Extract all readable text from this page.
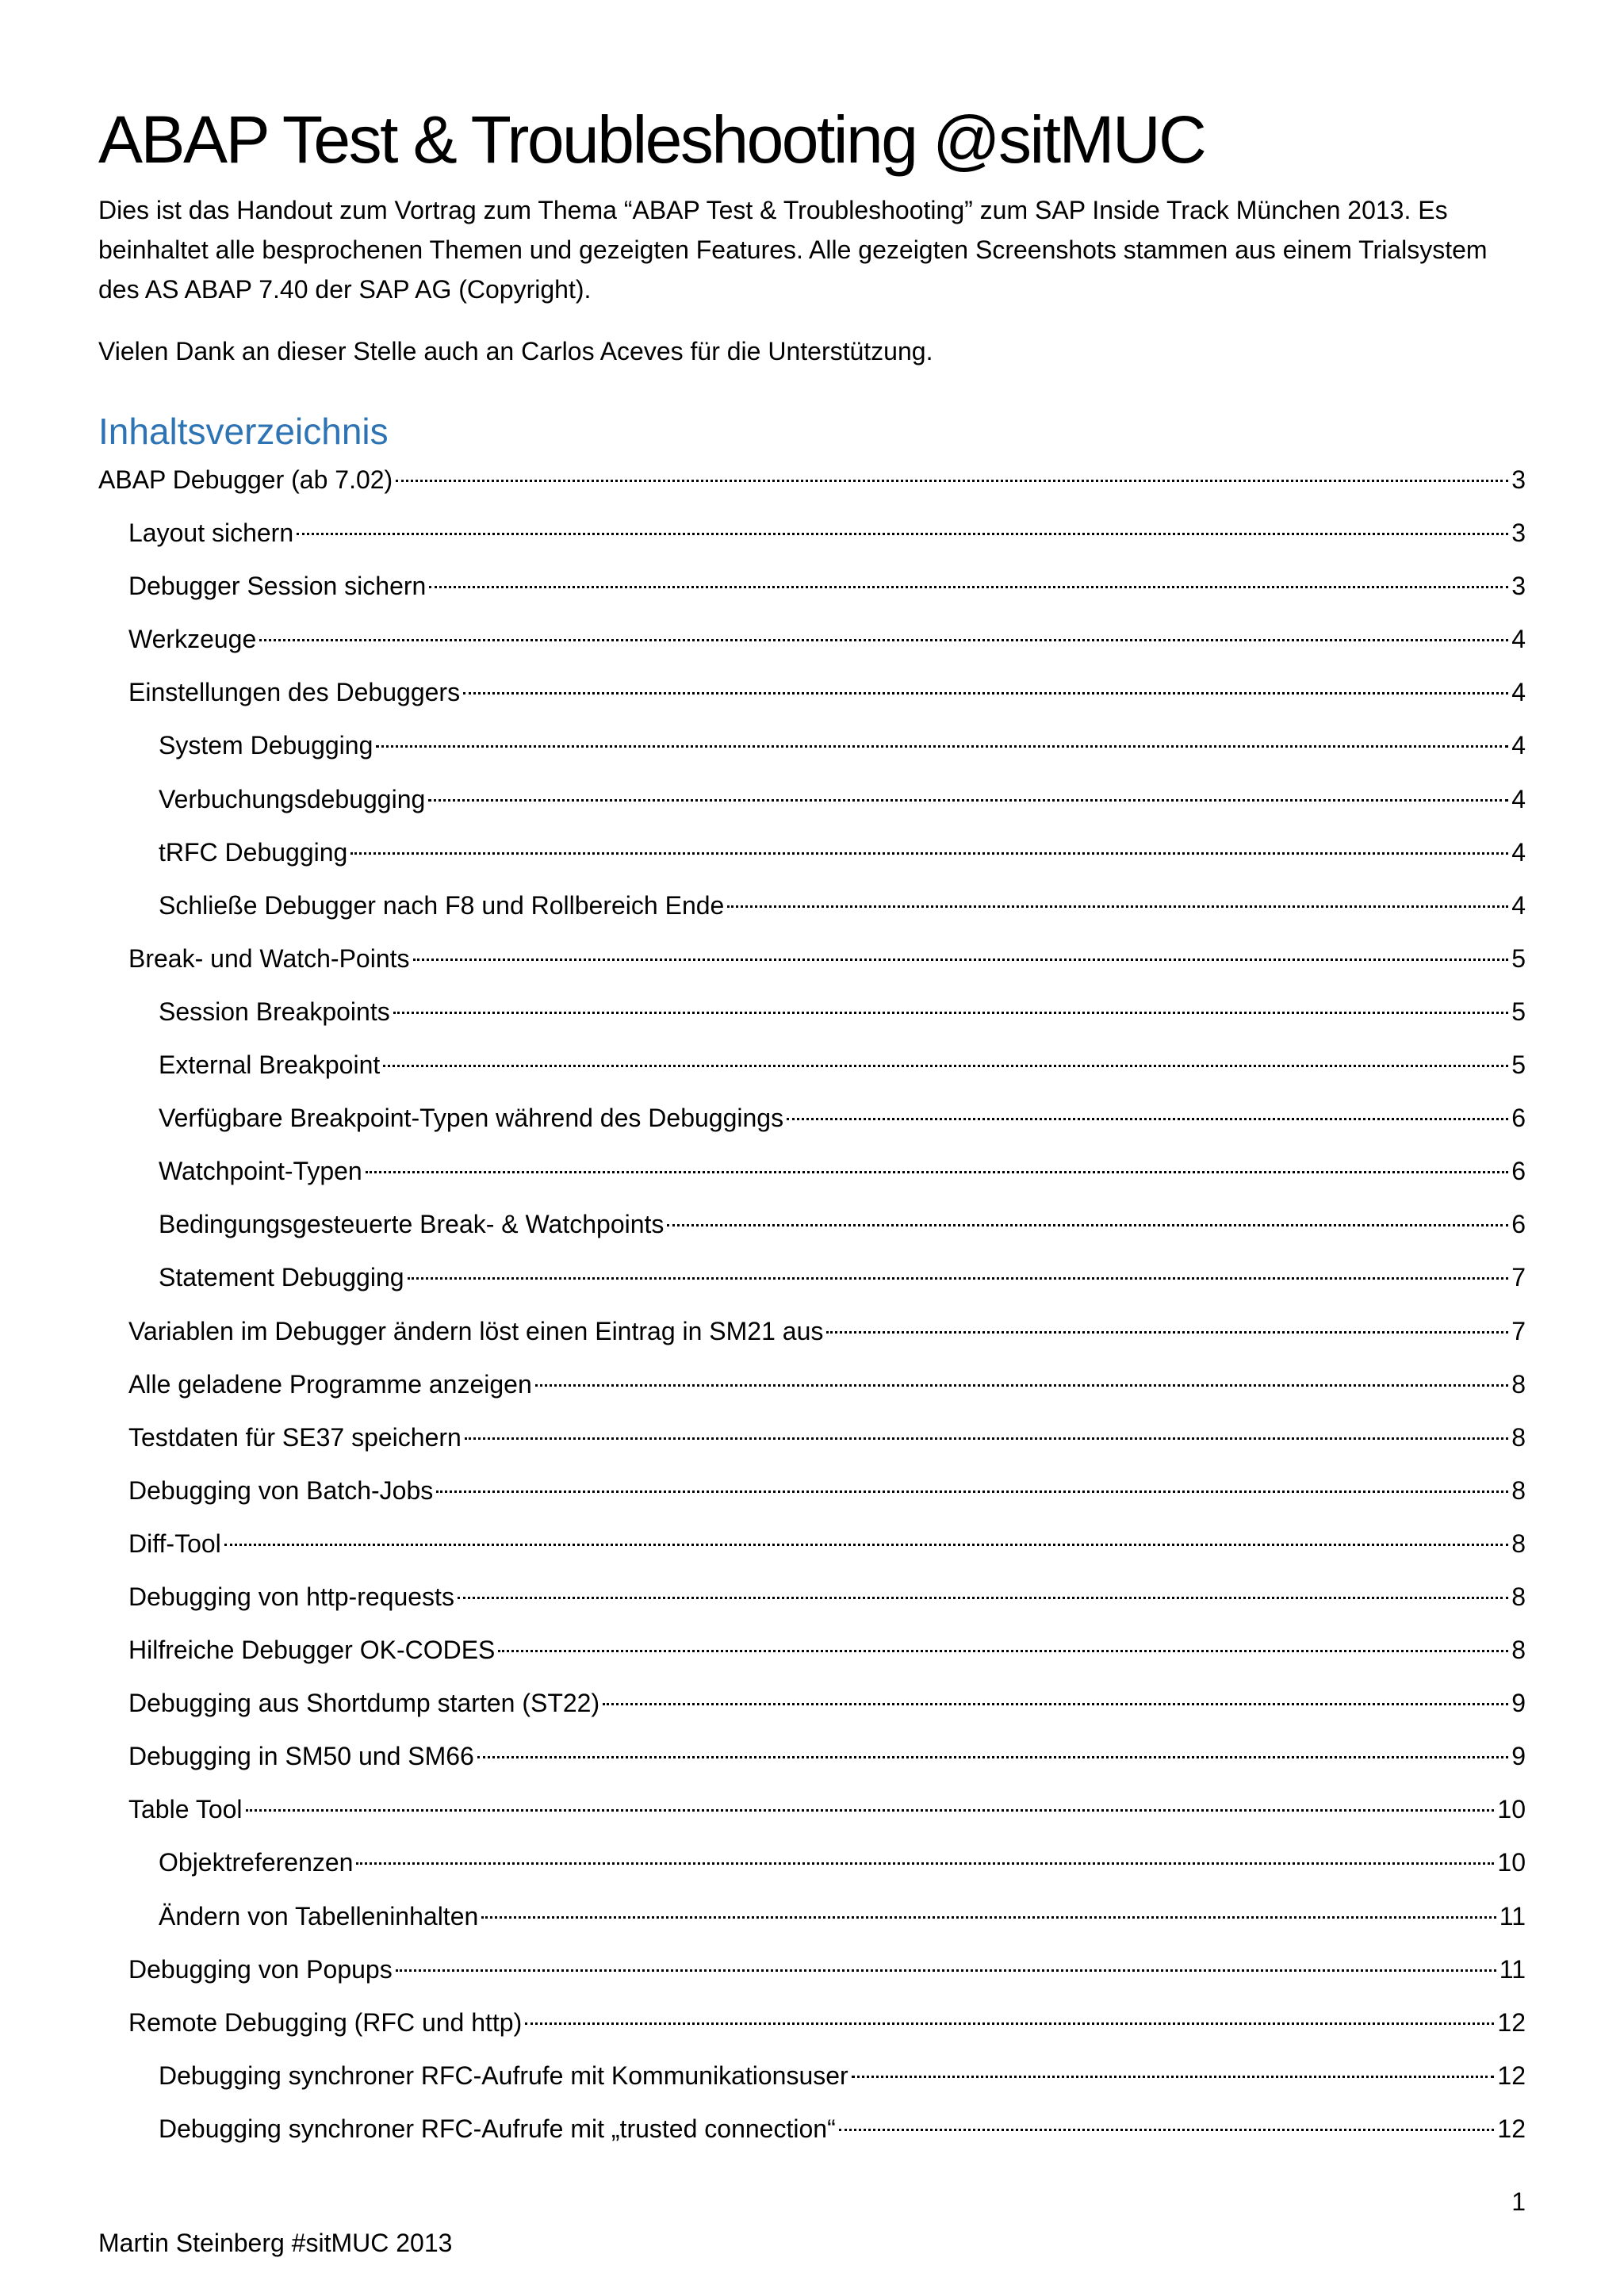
ABAP Test & Troubleshooting @sitMUC

Dies ist das Handout zum Vortrag zum Thema “ABAP Test & Troubleshooting” zum SAP Inside Track München 2013. Es beinhaltet alle besprochenen Themen und gezeigten Features. Alle gezeigten Screenshots stammen aus einem Trialsystem des AS ABAP 7.40 der SAP AG (Copyright).

Vielen Dank an dieser Stelle auch an Carlos Aceves für die Unterstützung.

Inhaltsverzeichnis
ABAP Debugger (ab 7.02)	3
Layout sichern	3
Debugger Session sichern	3
Werkzeuge	4
Einstellungen des Debuggers	4
System Debugging	4
Verbuchungsdebugging	4
tRFC Debugging	4
Schließe Debugger nach F8 und Rollbereich Ende	4
Break- und Watch-Points	5
Session Breakpoints	5
External Breakpoint	5
Verfügbare Breakpoint-Typen während des Debuggings	6
Watchpoint-Typen	6
Bedingungsgesteuerte Break- & Watchpoints	6
Statement Debugging	7
Variablen im Debugger ändern löst einen Eintrag in SM21 aus	7
Alle geladene Programme anzeigen	8
Testdaten für SE37 speichern	8
Debugging von Batch-Jobs	8
Diff-Tool	8
Debugging von http-requests	8
Hilfreiche Debugger OK-CODES	8
Debugging aus Shortdump starten (ST22)	9
Debugging in SM50 und SM66	9
Table Tool	10
Objektreferenzen	10
Ändern von Tabelleninhalten	11
Debugging von Popups	11
Remote Debugging (RFC und http)	12
Debugging synchroner RFC-Aufrufe mit Kommunikationsuser	12
Debugging synchroner RFC-Aufrufe mit „trusted connection“	12
1
Martin Steinberg #sitMUC 2013
